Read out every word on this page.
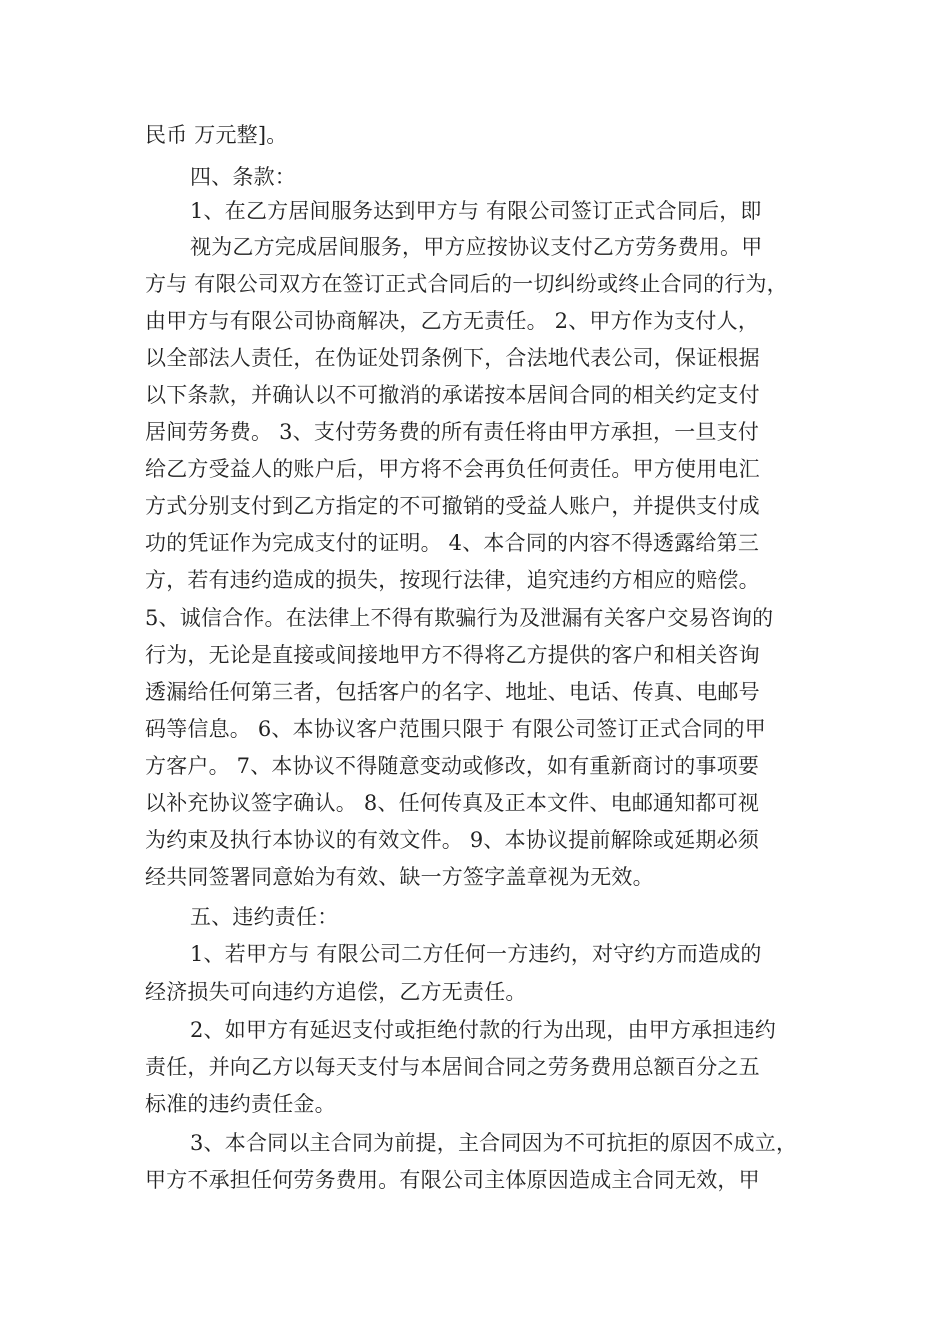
民币 万元整]。
四、条款：
1、在乙方居间服务达到甲方与 有限公司签订正式合同后，即
视为乙方完成居间服务，甲方应按协议支付乙方劳务费用。甲
方与 有限公司双方在签订正式合同后的一切纠纷或终止合同的行为，
由甲方与有限公司协商解决，乙方无责任。 2、甲方作为支付人，
以全部法人责任，在伪证处罚条例下，合法地代表公司，保证根据
以下条款，并确认以不可撤消的承诺按本居间合同的相关约定支付
居间劳务费。 3、支付劳务费的所有责任将由甲方承担，一旦支付
给乙方受益人的账户后，甲方将不会再负任何责任。甲方使用电汇
方式分别支付到乙方指定的不可撤销的受益人账户，并提供支付成
功的凭证作为完成支付的证明。 4、本合同的内容不得透露给第三
方，若有违约造成的损失，按现行法律，追究违约方相应的赔偿。
5、诚信合作。在法律上不得有欺骗行为及泄漏有关客户交易咨询的
行为，无论是直接或间接地甲方不得将乙方提供的客户和相关咨询
透漏给任何第三者，包括客户的名字、地址、电话、传真、电邮号
码等信息。 6、本协议客户范围只限于 有限公司签订正式合同的甲
方客户。 7、本协议不得随意变动或修改，如有重新商讨的事项要
以补充协议签字确认。 8、任何传真及正本文件、电邮通知都可视
为约束及执行本协议的有效文件。 9、本协议提前解除或延期必须
经共同签署同意始为有效、缺一方签字盖章视为无效。
五、违约责任：
1、若甲方与 有限公司二方任何一方违约，对守约方而造成的
经济损失可向违约方追偿，乙方无责任。
2、如甲方有延迟支付或拒绝付款的行为出现，由甲方承担违约
责任，并向乙方以每天支付与本居间合同之劳务费用总额百分之五
标准的违约责任金。
3、本合同以主合同为前提，主合同因为不可抗拒的原因不成立，
甲方不承担任何劳务费用。有限公司主体原因造成主合同无效，甲
